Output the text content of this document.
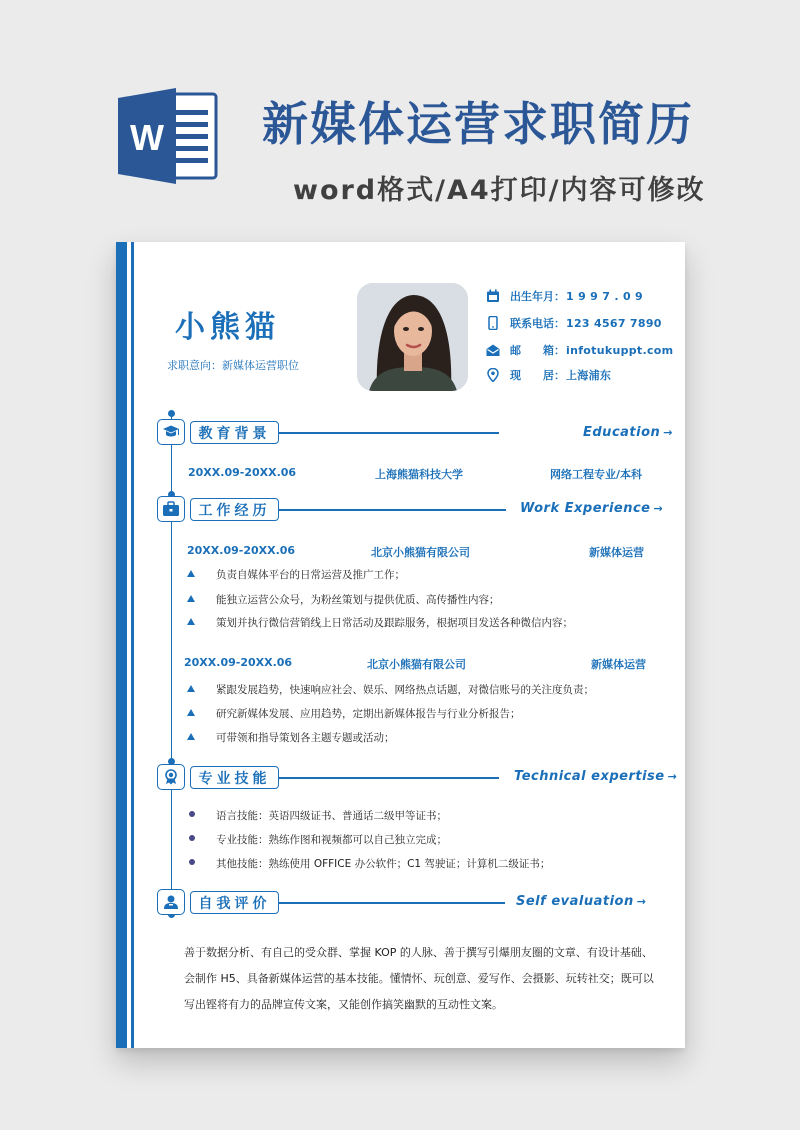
W 新媒体运营求职简历
word格式/A4打印/内容可修改
小熊猫
求职意向：新媒体运营职位
出生年月： 1 9 9 7 . 0 9
联系电话： 123 4567 7890
邮　　箱： infotukuppt.com
现　　居： 上海浦东
教育背景	Education →
20XX.09-20XX.06	上海熊猫科技大学	网络工程专业/本科
工作经历	Work Experience →
20XX.09-20XX.06	北京小熊猫有限公司	新媒体运营
负责自媒体平台的日常运营及推广工作；
能独立运营公众号，为粉丝策划与提供优质、高传播性内容；
策划并执行微信营销线上日常活动及跟踪服务，根据项目发送各种微信内容；
20XX.09-20XX.06	北京小熊猫有限公司	新媒体运营
紧跟发展趋势，快速响应社会、娱乐、网络热点话题，对微信账号的关注度负责；
研究新媒体发展、应用趋势，定期出新媒体报告与行业分析报告；
可带领和指导策划各主题专题或活动；
专业技能	Technical expertise →
语言技能：英语四级证书、普通话二级甲等证书；
专业技能：熟练作图和视频都可以自己独立完成；
其他技能：熟练使用 OFFICE 办公软件；C1 驾驶证；计算机二级证书；
自我评价	Self evaluation →

善于数据分析、有自己的受众群、掌握 KOP 的人脉、善于撰写引爆朋友圈的文章、有设计基础、

会制作 H5、具备新媒体运营的基本技能。懂情怀、玩创意、爱写作、会摄影、玩转社交；既可以

写出铿将有力的品牌宣传文案，又能创作搞笑幽默的互动性文案。
